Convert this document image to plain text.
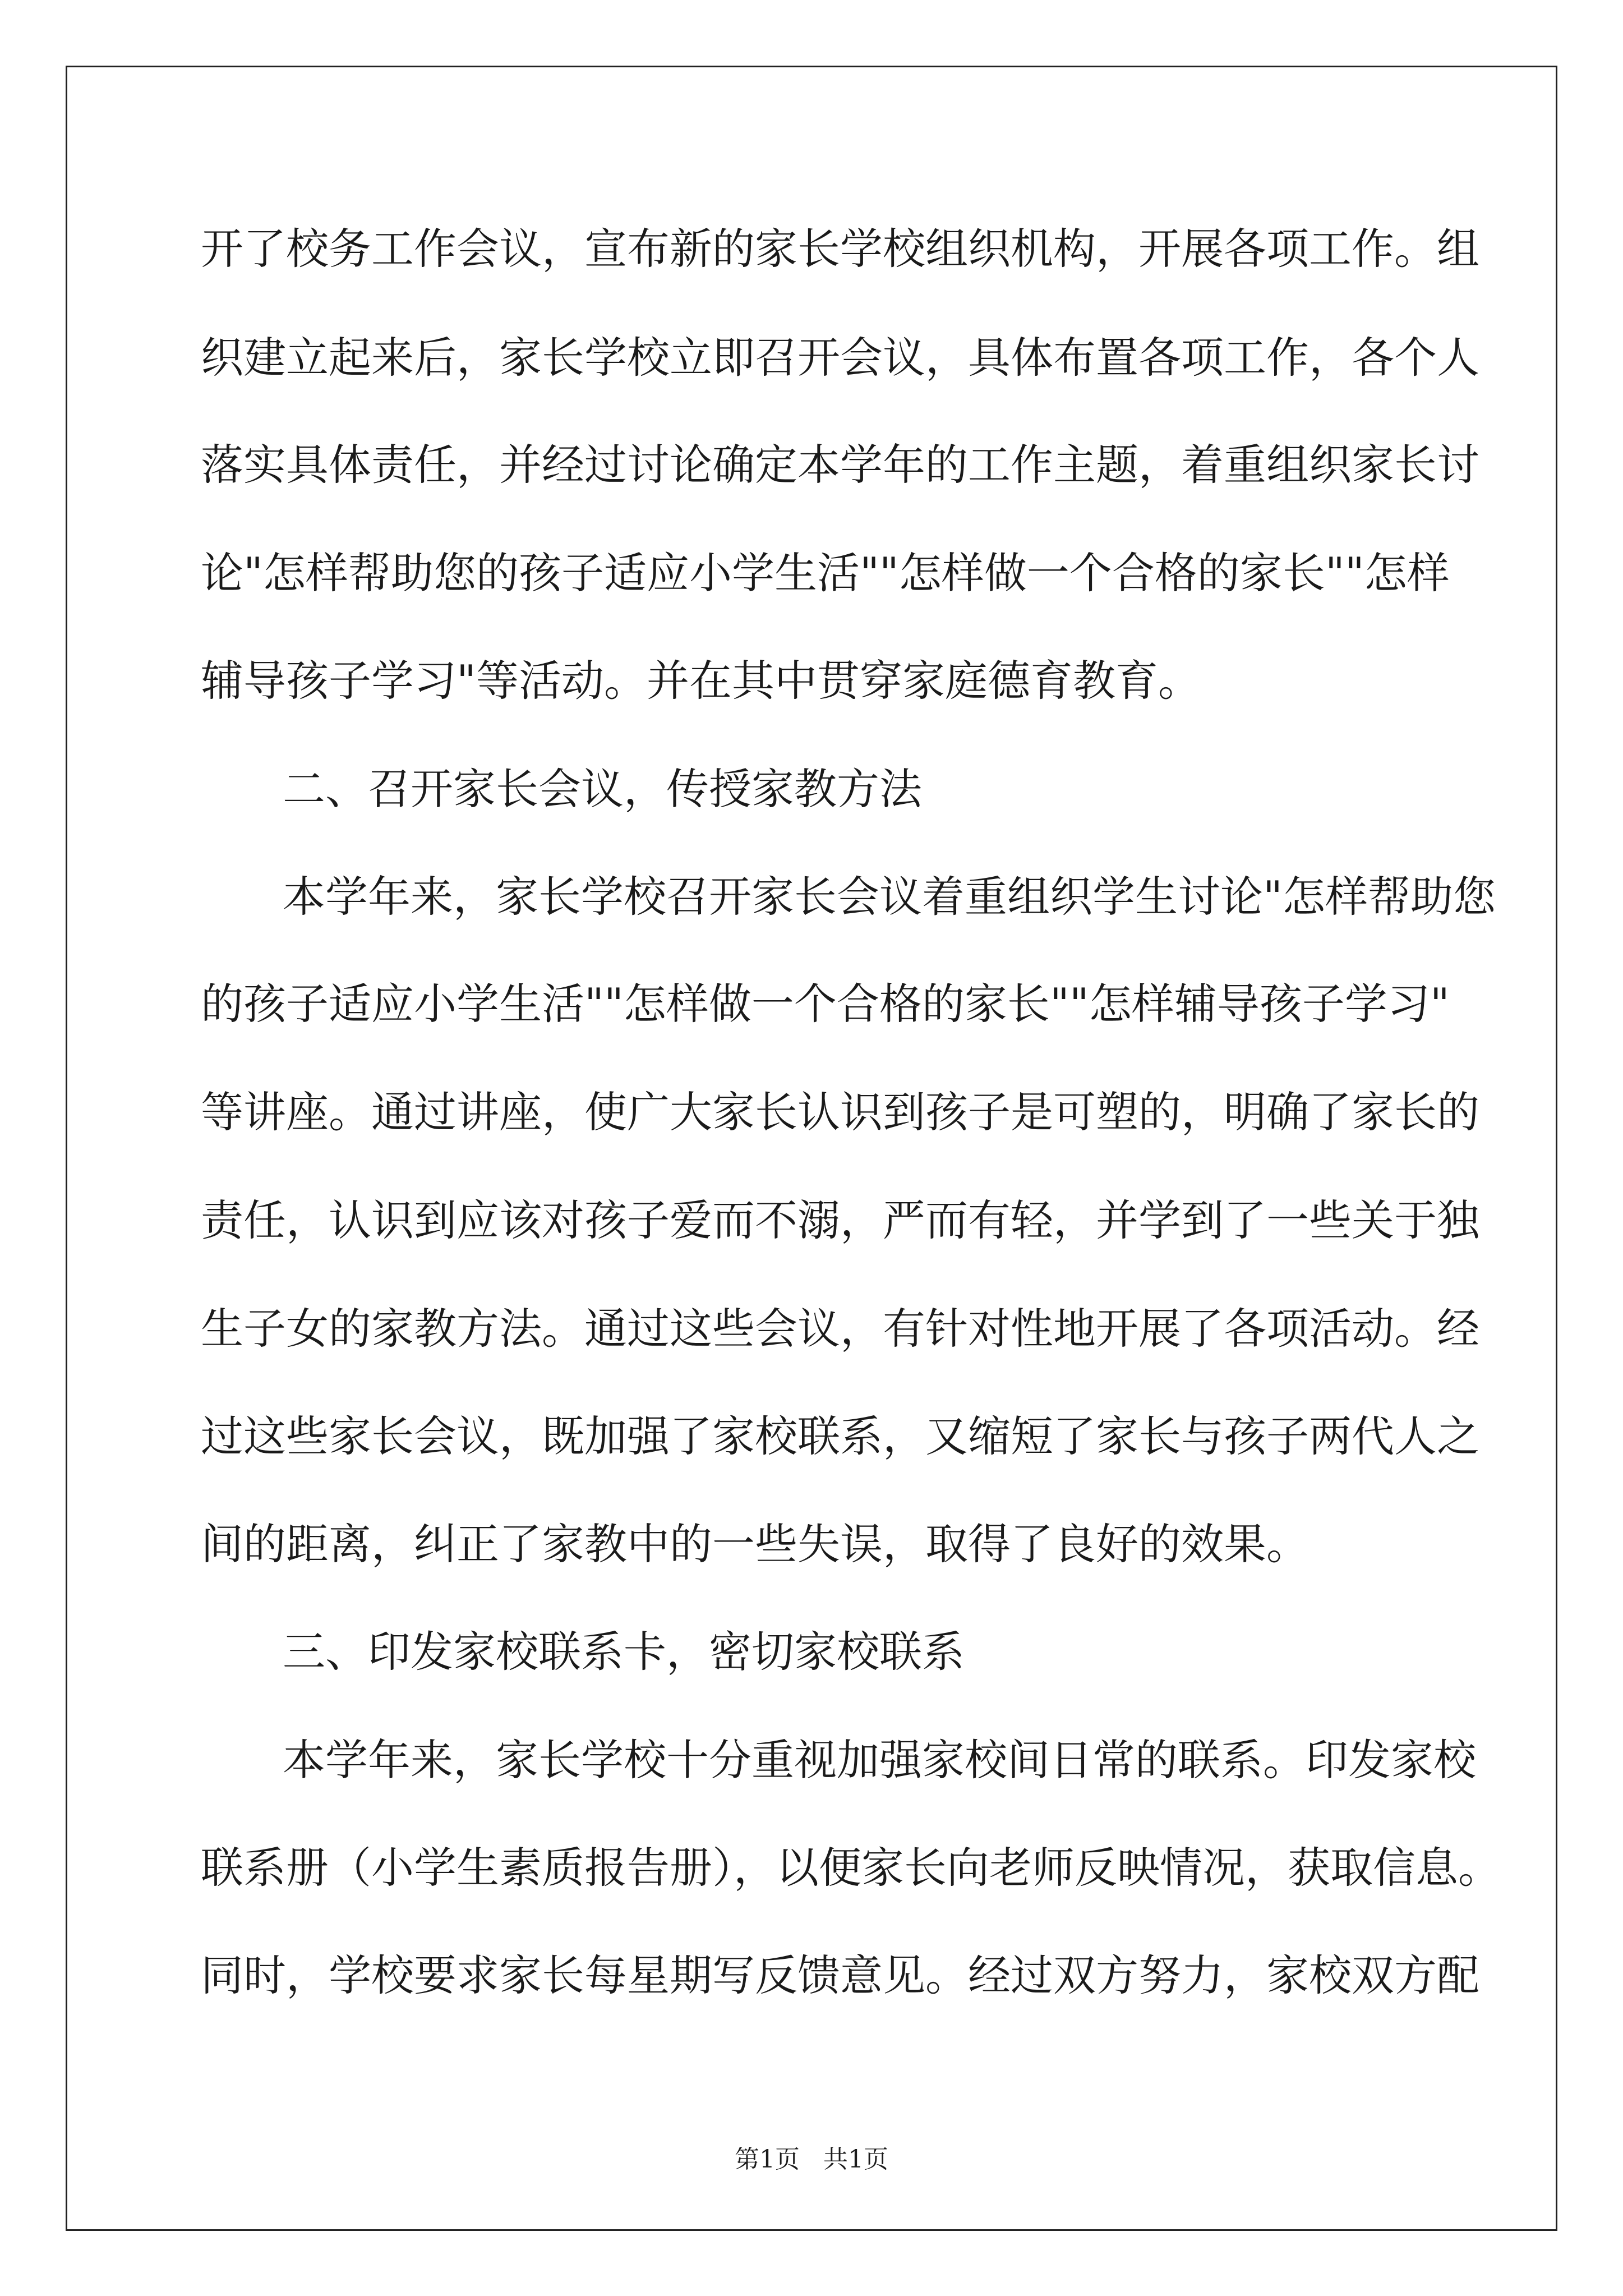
开了校务工作会议，宣布新的家长学校组织机构，开展各项工作。组
织建立起来后，家长学校立即召开会议，具体布置各项工作，各个人
落实具体责任，并经过讨论确定本学年的工作主题，着重组织家长讨
论"怎样帮助您的孩子适应小学生活""怎样做一个合格的家长""怎样
辅导孩子学习"等活动。并在其中贯穿家庭德育教育。
二、召开家长会议，传授家教方法
本学年来，家长学校召开家长会议着重组织学生讨论"怎样帮助您
的孩子适应小学生活""怎样做一个合格的家长""怎样辅导孩子学习"
等讲座。通过讲座，使广大家长认识到孩子是可塑的，明确了家长的
责任，认识到应该对孩子爱而不溺，严而有轻，并学到了一些关于独
生子女的家教方法。通过这些会议，有针对性地开展了各项活动。经
过这些家长会议，既加强了家校联系，又缩短了家长与孩子两代人之
间的距离，纠正了家教中的一些失误，取得了良好的效果。
三、印发家校联系卡，密切家校联系
本学年来，家长学校十分重视加强家校间日常的联系。印发家校
联系册（小学生素质报告册），以便家长向老师反映情况，获取信息。
同时，学校要求家长每星期写反馈意见。经过双方努力，家校双方配
第1页 共1页
